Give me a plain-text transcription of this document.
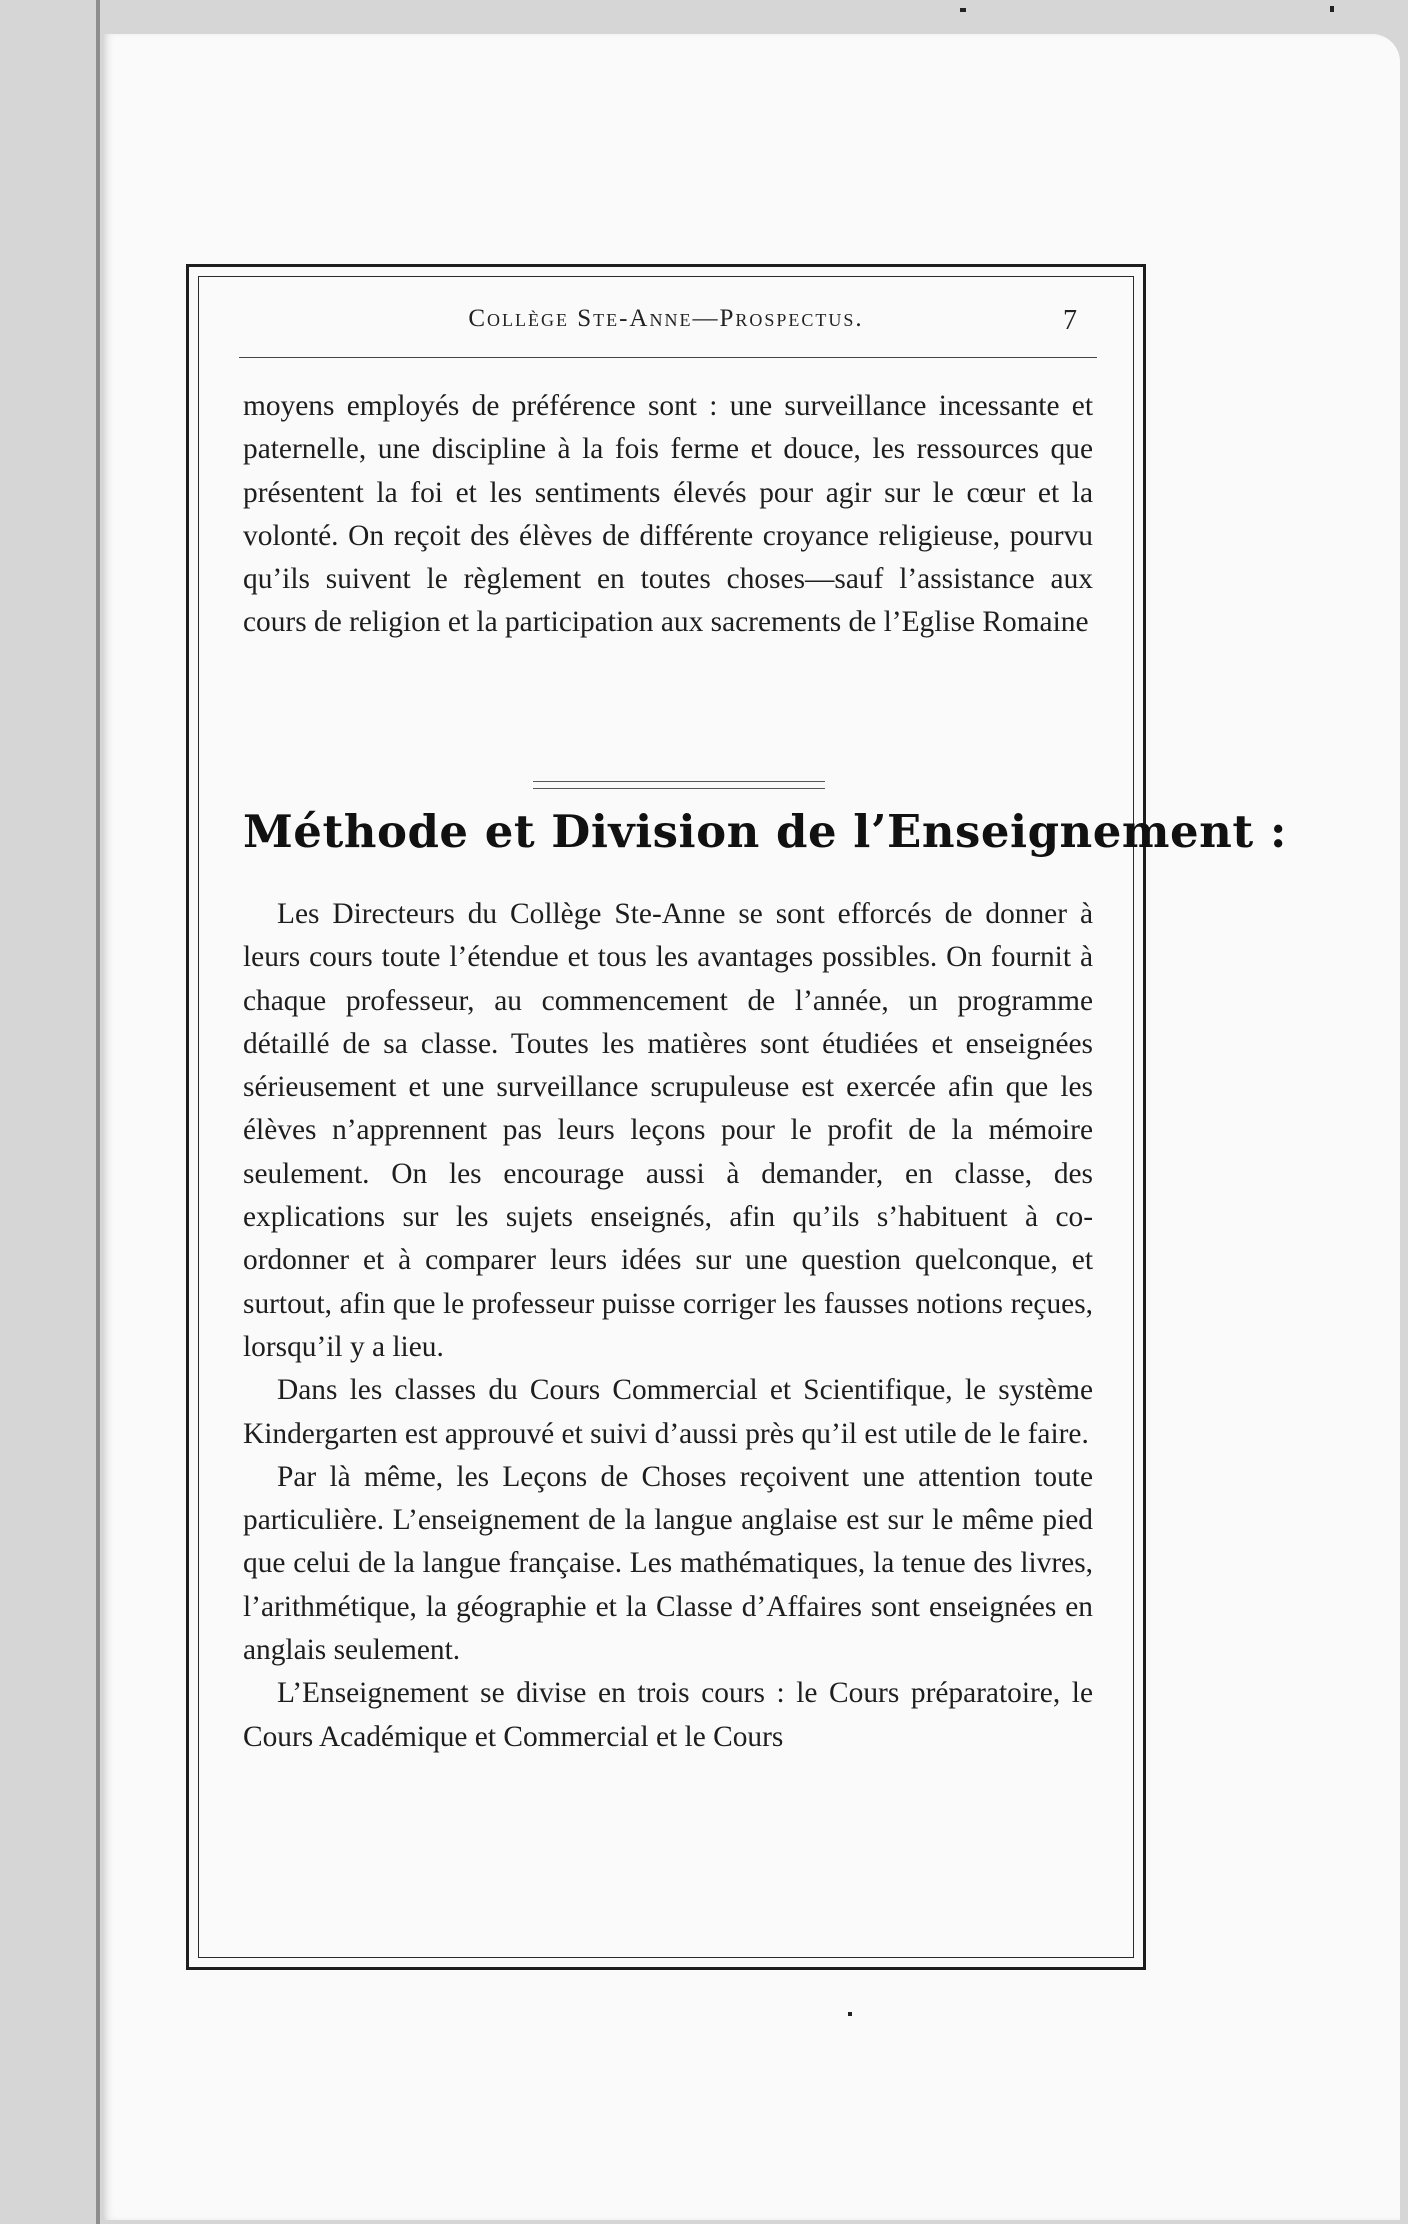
Collège Ste-Anne—Prospectus.	7

moyens employés de préférence sont : une surveillance incessante et paternelle, une discipline à la fois ferme et douce, les ressources que présentent la foi et les sentiments élevés pour agir sur le cœur et la volonté. On reçoit des élèves de différente croyance religieuse, pourvu qu’ils suivent le règlement en toutes choses—sauf l’assistance aux cours de religion et la participation aux sacrements de l’Eglise Romaine

Méthode et Division de l’Enseignement :

Les Directeurs du Collège Ste-Anne se sont efforcés de donner à leurs cours toute l’étendue et tous les avantages possibles. On fournit à chaque professeur, au commencement de l’année, un programme détaillé de sa classe. Toutes les matières sont étudiées et enseignées sérieusement et une surveillance scrupuleuse est exercée afin que les élèves n’apprennent pas leurs leçons pour le profit de la mémoire seulement. On les encourage aussi à demander, en classe, des explications sur les sujets enseignés, afin qu’ils s’habituent à co-ordonner et à comparer leurs idées sur une question quelconque, et surtout, afin que le professeur puisse corriger les fausses notions reçues, lorsqu’il y a lieu.

Dans les classes du Cours Commercial et Scientifique, le système Kindergarten est approuvé et suivi d’aussi près qu’il est utile de le faire.

Par là même, les Leçons de Choses reçoivent une attention toute particulière. L’enseignement de la langue anglaise est sur le même pied que celui de la langue française. Les mathématiques, la tenue des livres, l’arithmétique, la géographie et la Classe d’Affaires sont enseignées en anglais seulement.

L’Enseignement se divise en trois cours : le Cours préparatoire, le Cours Académique et Commercial et le Cours
